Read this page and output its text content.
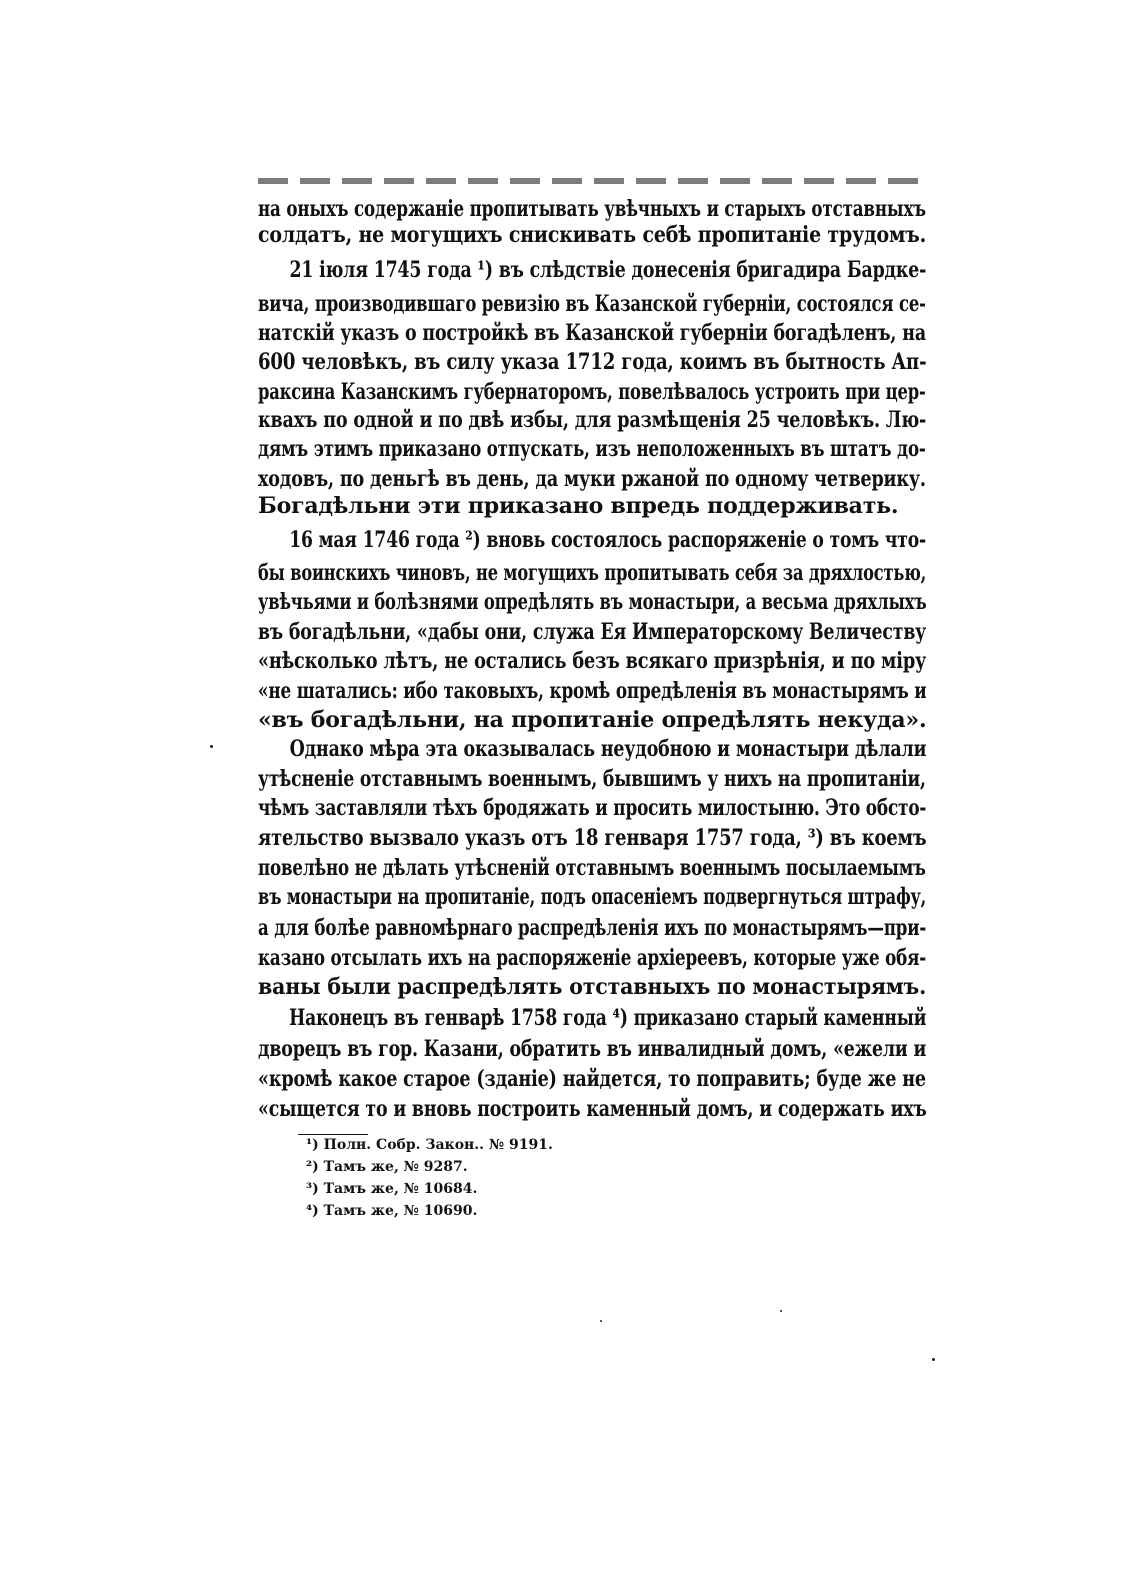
на оныхъ содержаніе пропитывать увѣчныхъ и старыхъ отставныхъ
солдатъ, не могущихъ снискивать себѣ пропитаніе трудомъ.
21 іюля 1745 года ¹) въ слѣдствіе донесенія бригадира Бардке-
вича, производившаго ревизію въ Казанской губерніи, состоялся се-
натскій указъ о постройкѣ въ Казанской губерніи богадѣленъ, на
600 человѣкъ, въ силу указа 1712 года, коимъ въ бытность Ап-
раксина Казанскимъ губернаторомъ, повелѣвалось устроить при цер-
квахъ по одной и по двѣ избы, для размѣщенія 25 человѣкъ. Лю-
дямъ этимъ приказано отпускать, изъ неположенныхъ въ штатъ до-
ходовъ, по деньгѣ въ день, да муки ржаной по одному четверику.
Богадѣльни эти приказано впредь поддерживать.
16 мая 1746 года ²) вновь состоялось распоряженіе о томъ что-
бы воинскихъ чиновъ, не могущихъ пропитывать себя за дряхлостью,
увѣчьями и болѣзнями опредѣлять въ монастыри, а весьма дряхлыхъ
въ богадѣльни, «дабы они, служа Ея Императорскому Величеству
«нѣсколько лѣтъ, не остались безъ всякаго призрѣнія, и по міру
«не шатались: ибо таковыхъ, кромѣ опредѣленія въ монастырямъ и
«въ богадѣльни, на пропитаніе опредѣлять некуда».
Однако мѣра эта оказывалась неудобною и монастыри дѣлали
утѣсненіе отставнымъ военнымъ, бывшимъ у нихъ на пропитаніи,
чѣмъ заставляли тѣхъ бродяжать и просить милостыню. Это обсто-
ятельство вызвало указъ отъ 18 генваря 1757 года, ³) въ коемъ
повелѣно не дѣлать утѣсненій отставнымъ военнымъ посылаемымъ
въ монастыри на пропитаніе, подъ опасеніемъ подвергнуться штрафу,
а для болѣе равномѣрнаго распредѣленія ихъ по монастырямъ—при-
казано отсылать ихъ на распоряженіе архіереевъ, которые уже обя-
ваны были распредѣлять отставныхъ по монастырямъ.
Наконецъ въ генварѣ 1758 года ⁴) приказано старый каменный
дворецъ въ гор. Казани, обратить въ инвалидный домъ, «ежели и
«кромѣ какое старое (зданіе) найдется, то поправить; буде же не
«сыщется то и вновь построить каменный домъ, и содержать ихъ
¹) Полн. Собр. Закон.. № 9191.
²) Тамъ же, № 9287.
³) Тамъ же, № 10684.
⁴) Тамъ же, № 10690.
